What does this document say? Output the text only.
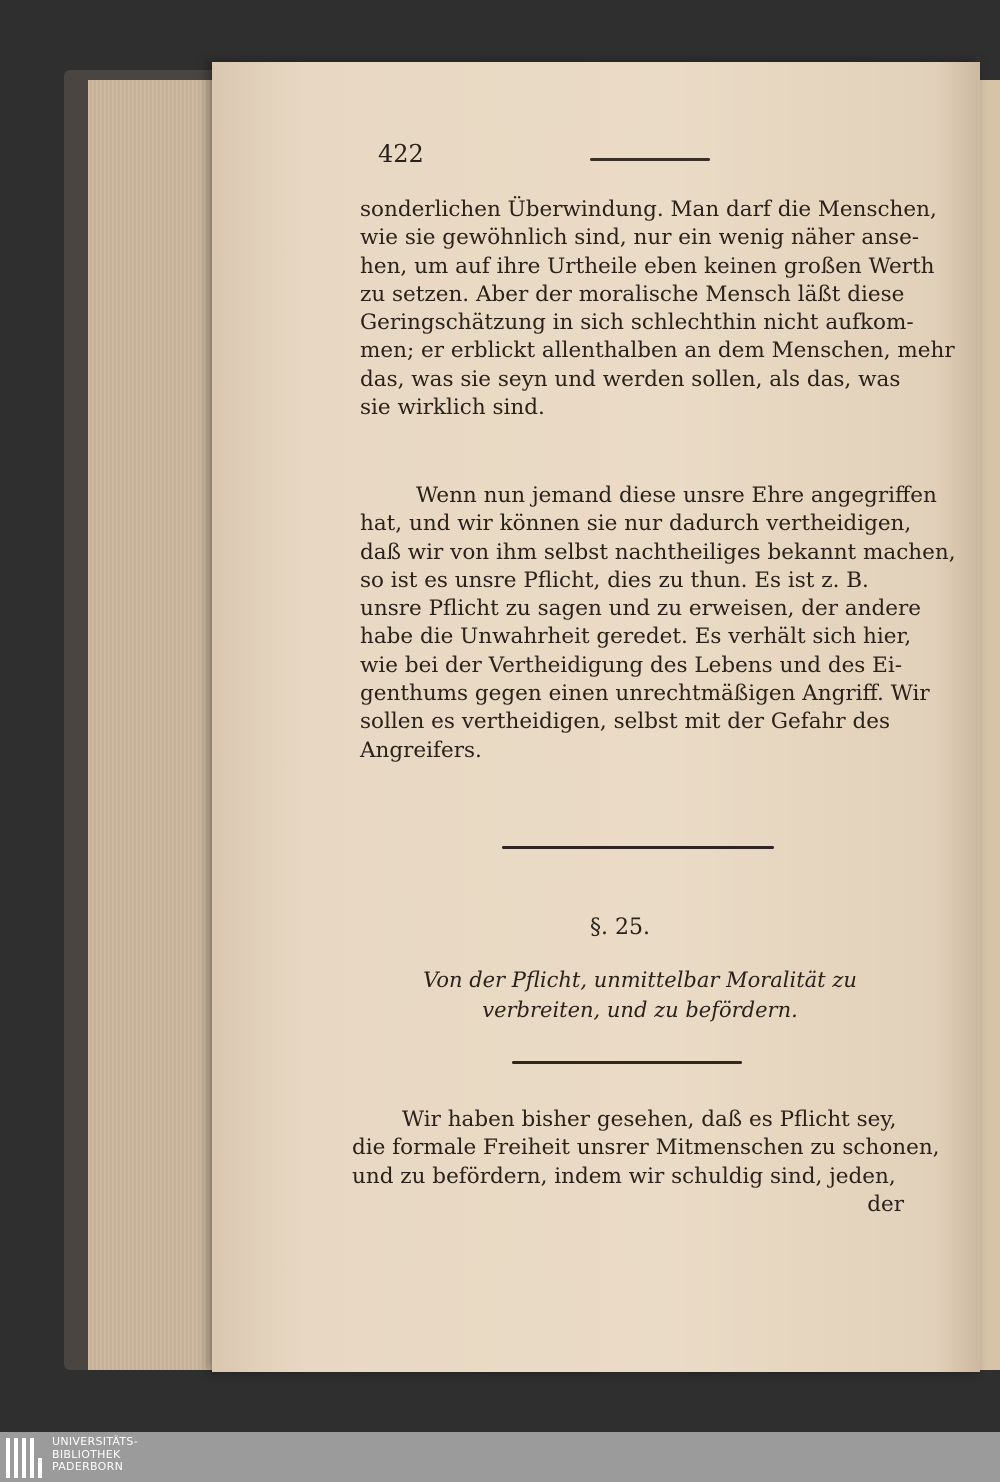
422
sonderlichen Überwindung. Man darf die Menschen,
wie sie gewöhnlich sind, nur ein wenig näher anse-
hen, um auf ihre Urtheile eben keinen großen Werth
zu setzen. Aber der moralische Mensch läßt diese
Geringschätzung in sich schlechthin nicht aufkom-
men; er erblickt allenthalben an dem Menschen, mehr
das, was sie seyn und werden sollen, als das, was
sie wirklich sind.
Wenn nun jemand diese unsre Ehre angegriffen
hat, und wir können sie nur dadurch vertheidigen,
daß wir von ihm selbst nachtheiliges bekannt machen,
so ist es unsre Pflicht, dies zu thun. Es ist z. B.
unsre Pflicht zu sagen und zu erweisen, der andere
habe die Unwahrheit geredet. Es verhält sich hier,
wie bei der Vertheidigung des Lebens und des Ei-
genthums gegen einen unrechtmäßigen Angriff. Wir
sollen es vertheidigen, selbst mit der Gefahr des
Angreifers.
§. 25.
Von der Pflicht, unmittelbar Moralität zu
verbreiten, und zu befördern.
Wir haben bisher gesehen, daß es Pflicht sey,
die formale Freiheit unsrer Mitmenschen zu schonen,
und zu befördern, indem wir schuldig sind, jeden,
der
UNIVERSITÄTS-
BIBLIOTHEK
PADERBORN
